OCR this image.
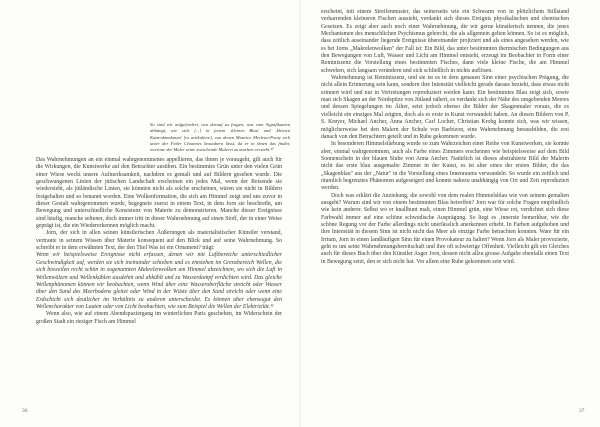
So sind wir aufgefordert, neu darauf zu fragen, was vom Signifikanten abhängt, wie sich [...] in jenem ‚kleinen Blau' und ‚kleinen Katzenkinnbaum' [es artikuliere], von denen Maurice Merleau-Ponty sich unter der Feder Cézannes bezaubern lässt, da er in ihnen das findet, worinne der Maler seine zwischende Malerei zu machen versteht.¹⁰

Das Wahrnehmungen an ein einmal wahrgenommenes appellieren, das ihnen je voraugeht, gilt auch für die Wirkungen, die Kunstwerke auf den Betrachter ausüben. Ein bestimmtes Grün unter den vielen Grün einer Wiese weckt unsere Aufmerksamkeit, nachdem es gemalt und auf Bildern gesehen wurde. Die geschwungenen Linien der jütischen Landschaft erscheinen ein jedes Mal, wenn der Reisende sie wiedersieht, als jütländische Linien, sie könnten nicht als solche erscheinen, wären sie nicht in Bildern festgehalten und so benannt worden. Eine Wolkenformation, die sich am Himmel zeigt und uns zuvor in dieser Gestalt wahrgenommen wurde, begegnete zuerst in einem Text, in dem Jorn sie beschreibt, um Bewegung und unterschiedliche Konsistenz von Materie zu demonstrieren. Manche dieser Ereignisse sind häufig, manche seltener, doch immer tritt in dieser Wahrnehmung auf einen Stoff, der in einer Weise geprägt ist, die ein Wiedererkennen möglich macht.

Jorn, der sich in allen seinen künstlerischen Äußerungen als materialistischer Künstler verstand, vertraute in seinem Wissen über Materie konsequent auf den Blick und auf seine Wahrnehmung. So schreibt er in dem erwähnten Text, der den Titel Was ist ein Ornament? trägt:

Wenn wir beispielsweise Ereignisse nicht erfassen, denen wir mit Luftbereiche unterschiedlicher Geschwindigkeit auf, werden sie sich ineinander schieben und es entstehen im Grenzbereich Wellen, die sich bisweilen recht schön in sogenannten Makrelenwolken am Himmel abzeichnen, wo sich die Luft in Wellenwälzen und Wellenkühlen ausdehnt und abkühlt und zu Wasserdampf verdichten wird. Das gleiche Wellenphänomen können wir beobachten, wenn Wind über eine Wasseroberfläche streicht oder Wasser über den Sand des Meerbodens gleitet oder Wind in der Wüste über den Sand streicht oder wenn eine Erdschicht sich deutlicher im Verhältnis zu anderen unterscheidet. Es können aber ebensogut den Wellencharakter von Lauten oder von Licht beobachten, wie zum Beispiel die Wellen der Elektrizität.¹¹

Wenn also, wie auf einem Abendspaziergang im winterlichen Paris geschehen, im Widerschein der großen Stadt ein riesiger Fisch am Himmel

36

erscheint, mit einem Streifenmuster, das seinerseits wie ein Schwarm von in plötzlichem Stillstand verharrenden kleineren Fischen aussieht, verdankt sich dieses Ereignis physikalischen und chemischen Gesetzen. Es zeigt aber auch noch einer Wahrnehmung, die wir gerne künstlerisch nennen, die jenes Mechanismen des menschlichen Psychismus gehorcht, die als allgemein gelten können. So ist es möglich, dass zeitlich auseinander liegende Ereignisse übereinander projiziert und als eines angesehen werden, wie es bei Jorns „Makrelenwolken" der Fall ist: Ein Bild, das unter bestimmten thermischen Bedingungen aus den Bewegungen von Luft, Wasser und Licht am Himmel entsteht, erzeugt im Beobachter in Form einer Reminiszenz die Vorstellung eines bestimmten Fisches, dann viele kleine Fische, die am Himmel schweben, sich langsam verändern und sich schließlich in nichts auflösen.

Wahrnehmung ist Reminiszenz, und sie ist es in dem genauen Sinn einer psychischen Prägung, die nicht allein Erinnerung sein kann, sondern ihre Intensität vielleicht gerade daraus bezieht, dass etwas nicht erinnert wird und nur in Vertretungen reproduziert werden kann. Ein bestimmtes Blau zeigt sich, sowie man sich Skagen an der Nordspitze von Jütland nähert, es verdankt sich der Nähe des umgebenden Meeres und dessen Spiegelungen im Äther, setzt jedoch ebenso die Bilder der Skagenmaler voraus, die es vielleicht ein einziges Mal zeigten, doch als es erste in Kunst verwandelt haben. An diesen Bildern von P. S. Krøyer, Michael Ancher, Anna Ancher, Carl Locher, Christian Krohg konnte sich, was wir wissen, möglicherweise bei den Malern der Schule von Barbizon, eine Wahrnehmung herausbilden, die erst danach von den Betrachtern geteilt und in Ruhe gekommen wurde.

In besonderen Himmelsfärbung wurde so zum Wahrzeichen einer Reihe von Kunstwerken, sie konnte aber, einmal wahrgenommen, auch als Farbe eines Zimmers erscheinen wie beispielsweise auf dem Bild Sonnenschein in der blauen Stube von Anna Ancher. Natürlich ist dieses abstrahierte Bild der Malerin nicht das erste blau ausgemalte Zimmer in der Kunst, es ist aber eines der ersten Bilder, die das „Skagenblau" aus der „Natur" in die Vorstellung eines Innenraums verwandeln. So wurde ein zeitlich und räumlich begrenztes Phänomen aufgeseigert und konnte nahezu unabhängig von Ort und Zeit reproduziert werden.

Doch was erklärt die Anziehung, die sowohl von dem realen Himmelsblau wie von seinem gemalten ausgeht? Warum sind wir von einem bestimmten Blau betroffen? Jorn war für solche Fragen empfindlich wie kein anderer. Selbst wo er knallbunt malt, einen Himmel grün, eine Wiese rot, verdichtet sich diese Farbwahl immer auf eine schöne schwedische Ausprägung. So liegt es ‚innerste bemerkbar, wie die schöne Regung vor der Farbe allerdings nicht unerlässlich anerkennen erhebt. In Farben aufgehoben und ihre Intensität in diesem Sinn ist nicht nicht das Meer als einzige Farbe betrachten konnten. Ware für ein Irrtum, Jorn in einen landläufigen Sinn für einen Provokateur zu halten? Wenn Jorn als Maler provozierte, geht es um seine Wahrnehmungsbereitschaft und ihre oft schwierige Offenheit. Vielleicht gilt ein Gleiches auch für dieses Buch über den Künstler Asger Jorn, dessen nicht allzu grosse Aufgabe ebenfalls einen Text in Bewegung setzt, den er sich nicht hat. Vor allem eine Ruhe gekommen sein wird.

37
